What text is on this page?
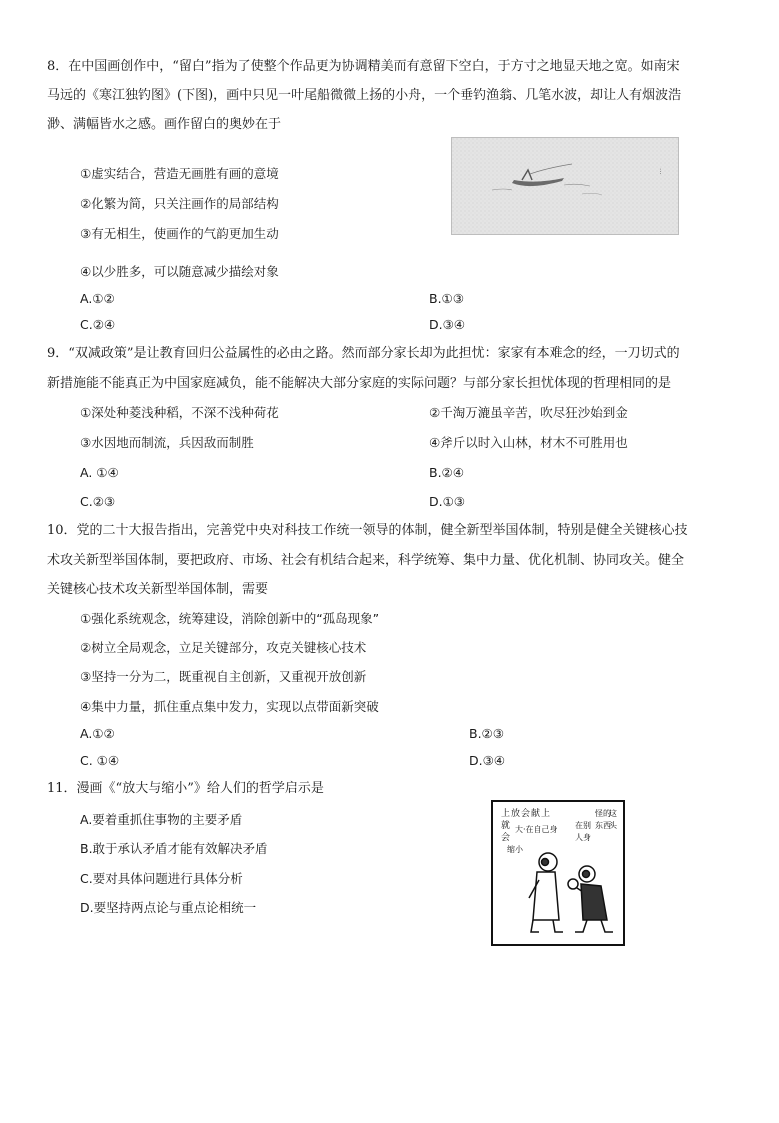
8．在中国画创作中，“留白”指为了使整个作品更为协调精美而有意留下空白，于方寸之地显天地之宽。如南宋
马远的《寒江独钓图》(下图)，画中只见一叶尾船微微上扬的小舟，一个垂钓渔翁、几笔水波，却让人有烟波浩
渺、满幅皆水之感。画作留白的奥妙在于
...
①虚实结合，营造无画胜有画的意境
②化繁为简，只关注画作的局部结构
③有无相生，使画作的气韵更加生动
④以少胜多，可以随意减少描绘对象
A.①②	B.①③
C.②④	D.③④
9．“双减政策”是让教育回归公益属性的必由之路。然而部分家长却为此担忧：家家有本难念的经，一刀切式的
新措施能不能真正为中国家庭减负，能不能解决大部分家庭的实际问题？与部分家长担忧体现的哲理相同的是
①深处种菱浅种稻，不深不浅种荷花	②千淘万漉虽辛苦，吹尽狂沙始到金
③水因地而制流，兵因敌而制胜	④斧斤以时入山林，材木不可胜用也
A. ①④	B.②④
C.②③	D.①③
10．党的二十大报告指出，完善党中央对科技工作统一领导的体制，健全新型举国体制，特别是健全关键核心技
术攻关新型举国体制，要把政府、市场、社会有机结合起来，科学统筹、集中力量、优化机制、协同攻关。健全
关键核心技术攻关新型举国体制，需要
①强化系统观念，统筹建设，消除创新中的“孤岛现象”
②树立全局观念，立足关键部分，攻克关键核心技术
③坚持一分为二，既重视自主创新，又重视开放创新
④集中力量，抓住重点集中发力，实现以点带面新突破
A.①②	B.②③
C. ①④	D.③④
11．漫画《“放大与缩小”》给人们的哲学启示是
A.要着重抓住事物的主要矛盾
B.敢于承认矛盾才能有效解决矛盾
C.要对具体问题进行具体分析
D.要坚持两点论与重点论相统一
上
就
会
放 会 献 上
大·在自己身
缩小
在别
人身
怪的
东西
这
头
